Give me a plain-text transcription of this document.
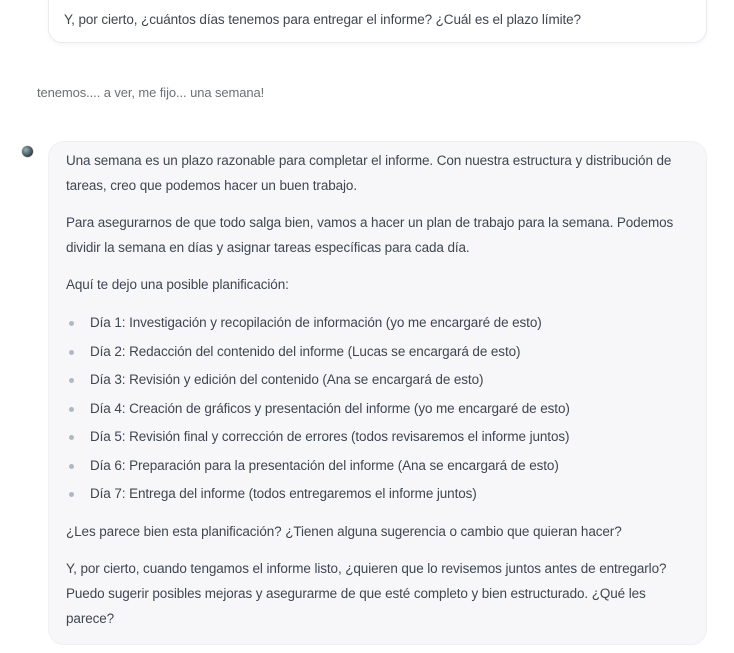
Y, por cierto, ¿cuántos días tenemos para entregar el informe? ¿Cuál es el plazo límite?
tenemos.... a ver, me fijo... una semana!

Una semana es un plazo razonable para completar el informe. Con nuestra estructura y distribución de tareas, creo que podemos hacer un buen trabajo.

Para asegurarnos de que todo salga bien, vamos a hacer un plan de trabajo para la semana. Podemos dividir la semana en días y asignar tareas específicas para cada día.

Aquí te dejo una posible planificación:

Día 1: Investigación y recopilación de información (yo me encargaré de esto)
Día 2: Redacción del contenido del informe (Lucas se encargará de esto)
Día 3: Revisión y edición del contenido (Ana se encargará de esto)
Día 4: Creación de gráficos y presentación del informe (yo me encargaré de esto)
Día 5: Revisión final y corrección de errores (todos revisaremos el informe juntos)
Día 6: Preparación para la presentación del informe (Ana se encargará de esto)
Día 7: Entrega del informe (todos entregaremos el informe juntos)

¿Les parece bien esta planificación? ¿Tienen alguna sugerencia o cambio que quieran hacer?

Y, por cierto, cuando tengamos el informe listo, ¿quieren que lo revisemos juntos antes de entregarlo? Puedo sugerir posibles mejoras y asegurarme de que esté completo y bien estructurado. ¿Qué les parece?
